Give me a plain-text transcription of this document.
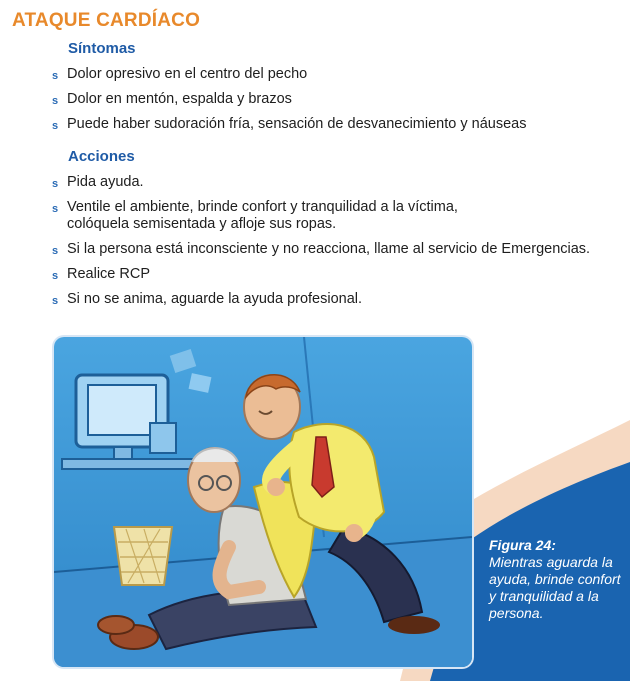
ATAQUE CARDÍACO
Síntomas
s Dolor opresivo en el centro del pecho
s Dolor en mentón, espalda y brazos
s Puede haber sudoración fría, sensación de desvanecimiento y náuseas
Acciones
s Pida ayuda.
s Ventile el ambiente, brinde confort y tranquilidad a la víctima, colóquela semisentada y afloje sus ropas.
s Si la persona está inconsciente y no reacciona, llame al servicio de Emergencias.
s Realice RCP
s Si no se anima, aguarde la ayuda profesional.
Figura 24:
Mientras aguarda la ayuda, brinde confort y tranquilidad a la persona.
